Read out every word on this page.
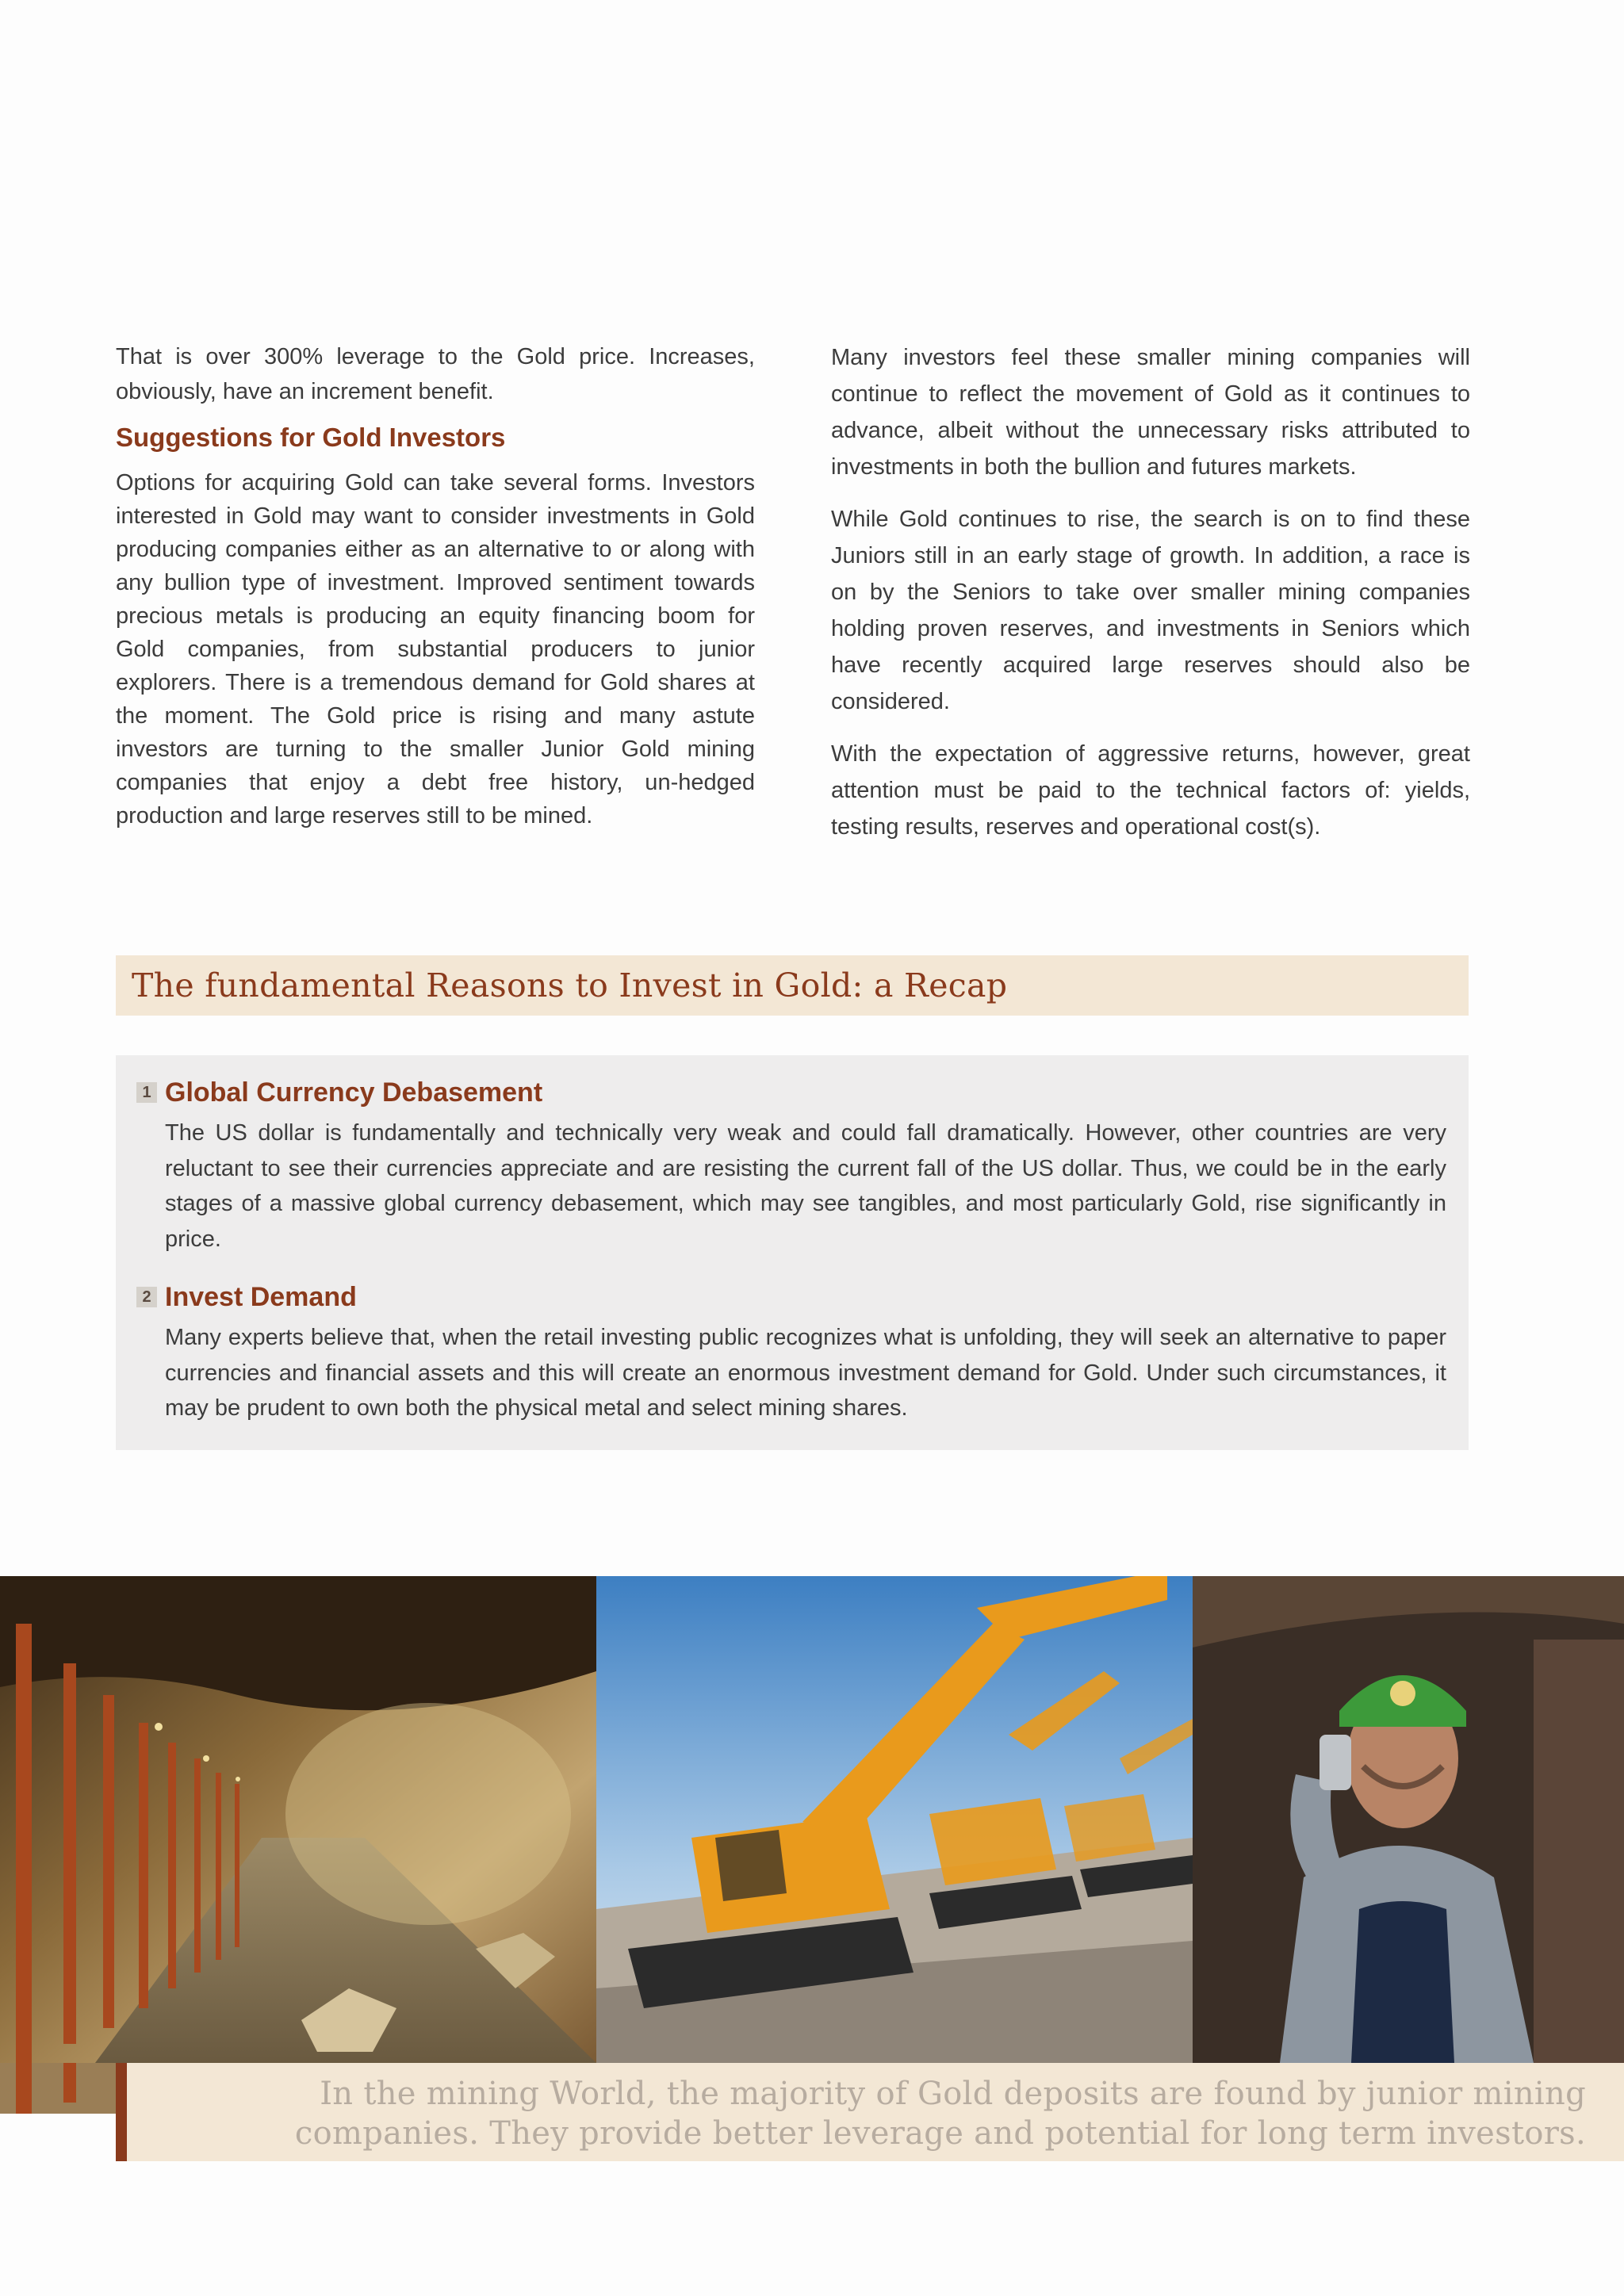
That is over 300% leverage to the Gold price. Increases, obviously, have an increment benefit.

Suggestions for Gold Investors

Options for acquiring Gold can take several forms. Investors interested in Gold may want to consider investments in Gold producing companies either as an alternative to or along with any bullion type of investment. Improved sentiment towards precious metals is producing an equity financing boom for Gold companies, from substantial producers to junior explorers. There is a tremendous demand for Gold shares at the moment. The Gold price is rising and many astute investors are turning to the smaller Junior Gold mining companies that enjoy a debt free history, un-hedged production and large reserves still to be mined.

Many investors feel these smaller mining companies will continue to reflect the movement of Gold as it continues to advance, albeit without the unnecessary risks attributed to investments in both the bullion and futures markets.

While Gold continues to rise, the search is on to find these Juniors still in an early stage of growth. In addition, a race is on by the Seniors to take over smaller mining companies holding proven reserves, and investments in Seniors which have recently acquired large reserves should also be considered.

With the expectation of aggressive returns, however, great attention must be paid to the technical factors of: yields, testing results, reserves and operational cost(s).

The fundamental Reasons to Invest in Gold: a Recap
1 Global Currency Debasement

The US dollar is fundamentally and technically very weak and could fall dramatically. However, other countries are very reluctant to see their currencies appreciate and are resisting the current fall of the US dollar. Thus, we could be in the early stages of a massive global currency debasement, which may see tangibles, and most particularly Gold, rise significantly in price.

2 Invest Demand

Many experts believe that, when the retail investing public recognizes what is unfolding, they will seek an alternative to paper currencies and financial assets and this will create an enormous investment demand for Gold. Under such circumstances, it may be prudent to own both the physical metal and select mining shares.

In the mining World, the majority of Gold deposits are found by junior mining

companies. They provide better leverage and potential for long term investors.
